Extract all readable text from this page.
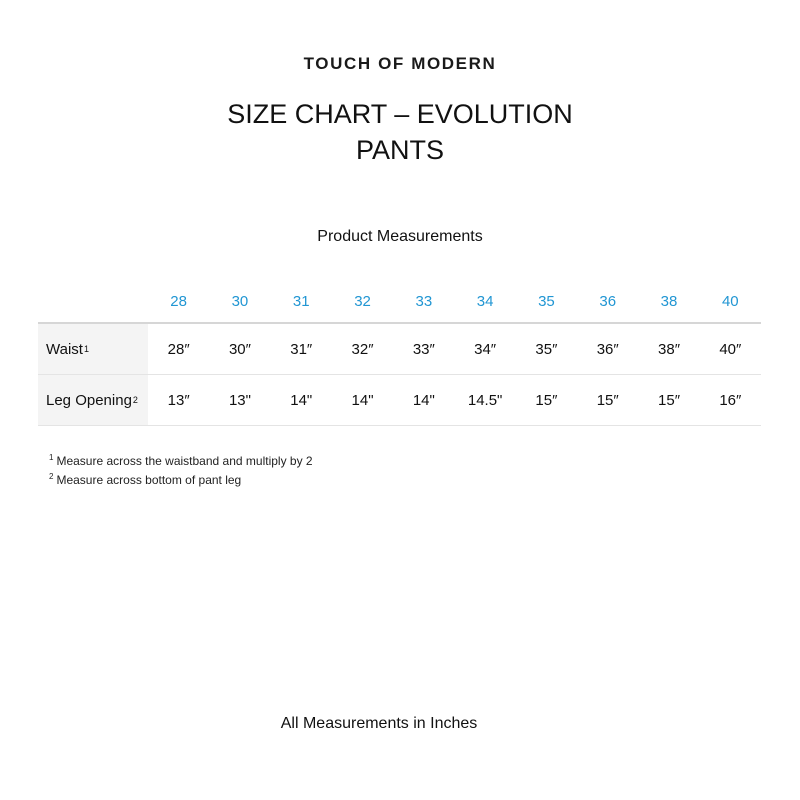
TOUCH OF MODERN
SIZE CHART – EVOLUTION
PANTS
Product Measurements
28	30	31	32	33	34	35	36	38	40
Waist 1	28″	30″	31″	32″	33″	34″	35″	36″	38″	40″
Leg Opening 2	13″	13"	14"	14"	14"	14.5"	15″	15″	15″	16″
$^1$ Measure across the waistband and multiply by 2
$^2$ Measure across bottom of pant leg
All Measurements in Inches
